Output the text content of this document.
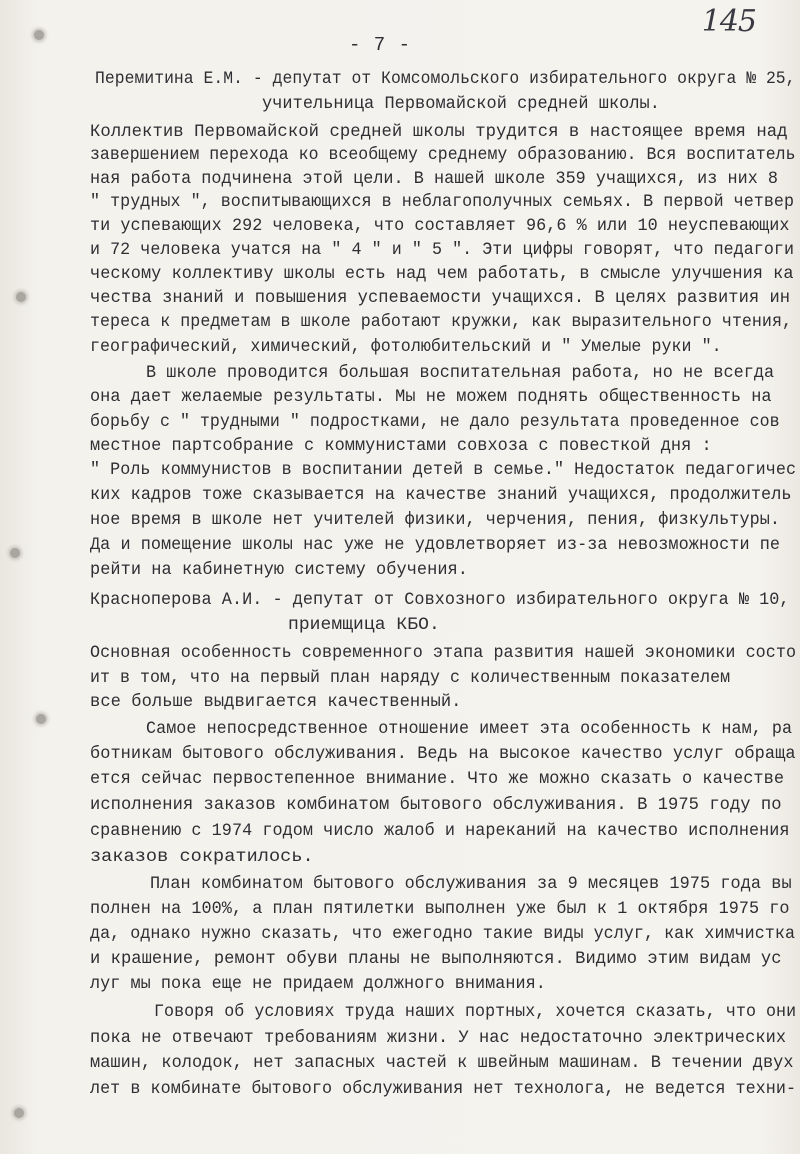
145
- 7 -
Перемитина Е.М. - депутат от Комсомольского избирательного округа № 25,
учительница Первомайской средней школы.
Коллектив Первомайской средней школы трудится в настоящее время над
завершением перехода ко всеобщему среднему образованию. Вся воспитатель
ная работа подчинена этой цели. В нашей школе 359 учащихся, из них 8
" трудных ", воспитывающихся в неблагополучных семьях. В первой четвер
ти успевающих 292 человека, что составляет 96,6 % или 10 неуспевающих
и 72 человека учатся на " 4 " и " 5 ". Эти цифры говорят, что педагоги
ческому коллективу школы есть над чем работать, в смысле улучшения ка
чества знаний и повышения успеваемости учащихся. В целях развития ин
тереса к предметам в школе работают кружки, как выразительного чтения,
географический, химический, фотолюбительский и " Умелые руки ".
В школе проводится большая воспитательная работа, но не всегда
она дает желаемые результаты. Мы не можем поднять общественность на
борьбу с " трудными " подростками, не дало результата проведенное сов
местное партсобрание с коммунистами совхоза с повесткой дня :
" Роль коммунистов в воспитании детей в семье." Недостаток педагогичес
ких кадров тоже сказывается на качестве знаний учащихся, продолжитель
ное время в школе нет учителей физики, черчения, пения, физкультуры.
Да и помещение школы нас уже не удовлетворяет из-за невозможности пе
рейти на кабинетную систему обучения.
Красноперова А.И. - депутат от Совхозного избирательного округа № 10,
приемщица КБО.
Основная особенность современного этапа развития нашей экономики состо
ит в том, что на первый план наряду с количественным показателем
все больше выдвигается качественный.
Самое непосредственное отношение имеет эта особенность к нам, ра
ботникам бытового обслуживания. Ведь на высокое качество услуг обраща
ется сейчас первостепенное внимание. Что же можно сказать о качестве
исполнения заказов комбинатом бытового обслуживания. В 1975 году по
сравнению с 1974 годом число жалоб и нареканий на качество исполнения
заказов сократилось.
План комбинатом бытового обслуживания за 9 месяцев 1975 года вы
полнен на 100%, а план пятилетки выполнен уже был к 1 октября 1975 го
да, однако нужно сказать, что ежегодно такие виды услуг, как химчистка
и крашение, ремонт обуви планы не выполняются. Видимо этим видам ус
луг мы пока еще не придаем должного внимания.
Говоря об условиях труда наших портных, хочется сказать, что они
пока не отвечают требованиям жизни. У нас недостаточно электрических
машин, колодок, нет запасных частей к швейным машинам. В течении двух
лет в комбинате бытового обслуживания нет технолога, не ведется техни-
